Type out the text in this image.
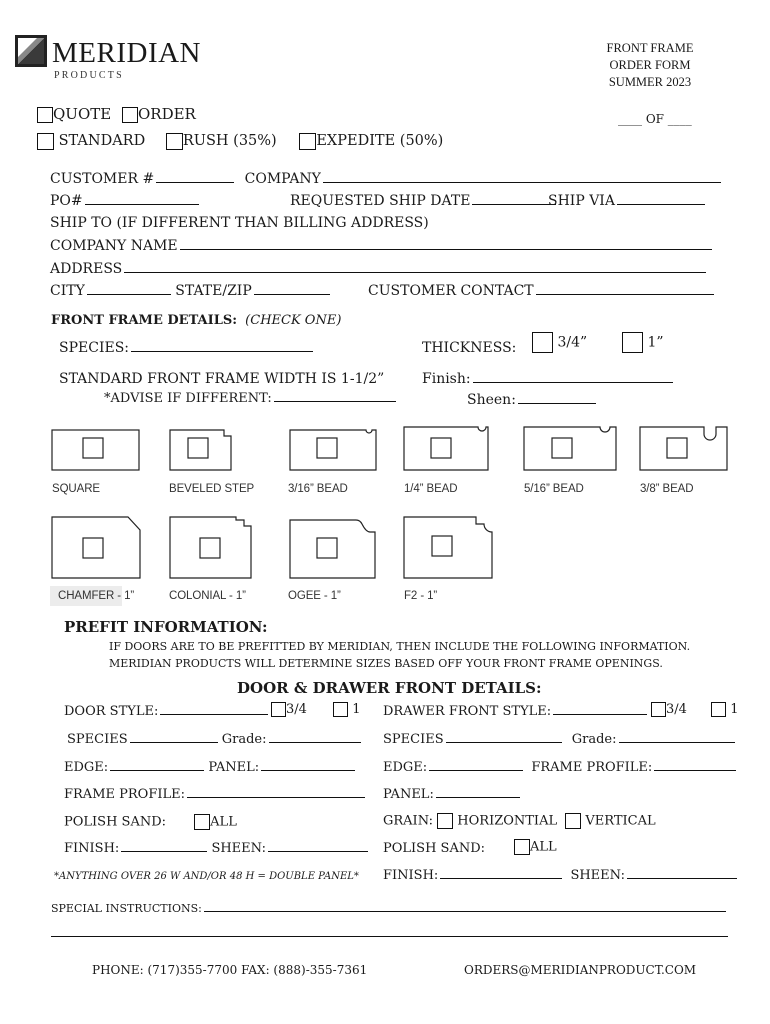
MERIDIAN
PRODUCTS
FRONT FRAME
ORDER FORM
SUMMER 2023
____ OF ____
QUOTE ORDER
STANDARD	RUSH (35%)	EXPEDITE (50%)
CUSTOMER #	COMPANY
PO#	REQUESTED SHIP DATE	SHIP VIA
SHIP TO (IF DIFFERENT THAN BILLING ADDRESS)
COMPANY NAME
ADDRESS
CITY	STATE/ZIP	CUSTOMER CONTACT
FRONT FRAME DETAILS: (CHECK ONE)
SPECIES:	THICKNESS:	3/4”	1”
STANDARD FRONT FRAME WIDTH IS 1-1/2”
*ADVISE IF DIFFERENT:
Finish:
Sheen:
SQUARE	BEVELED STEP	3/16” BEAD	1/4” BEAD	5/16” BEAD	3/8” BEAD
CHAMFER - 1”	COLONIAL - 1”	OGEE - 1”	F2 - 1”
PREFIT INFORMATION:
IF DOORS ARE TO BE PREFITTED BY MERIDIAN, THEN INCLUDE THE FOLLOWING INFORMATION.
MERIDIAN PRODUCTS WILL DETERMINE SIZES BASED OFF YOUR FRONT FRAME OPENINGS.
DOOR & DRAWER FRONT DETAILS:
DOOR STYLE:	3/4	1
SPECIES	Grade:
EDGE:	PANEL:
FRAME PROFILE:
POLISH SAND:	ALL
FINISH:	SHEEN:
*ANYTHING OVER 26 W AND/OR 48 H = DOUBLE PANEL*
DRAWER FRONT STYLE:	3/4	1
SPECIES	Grade:
EDGE:	FRAME PROFILE:
PANEL:
GRAIN: HORIZONTIAL VERTICAL
POLISH SAND:	ALL
FINISH:	SHEEN:
SPECIAL INSTRUCTIONS:
PHONE: (717)355-7700 FAX: (888)-355-7361	ORDERS@MERIDIANPRODUCT.COM
